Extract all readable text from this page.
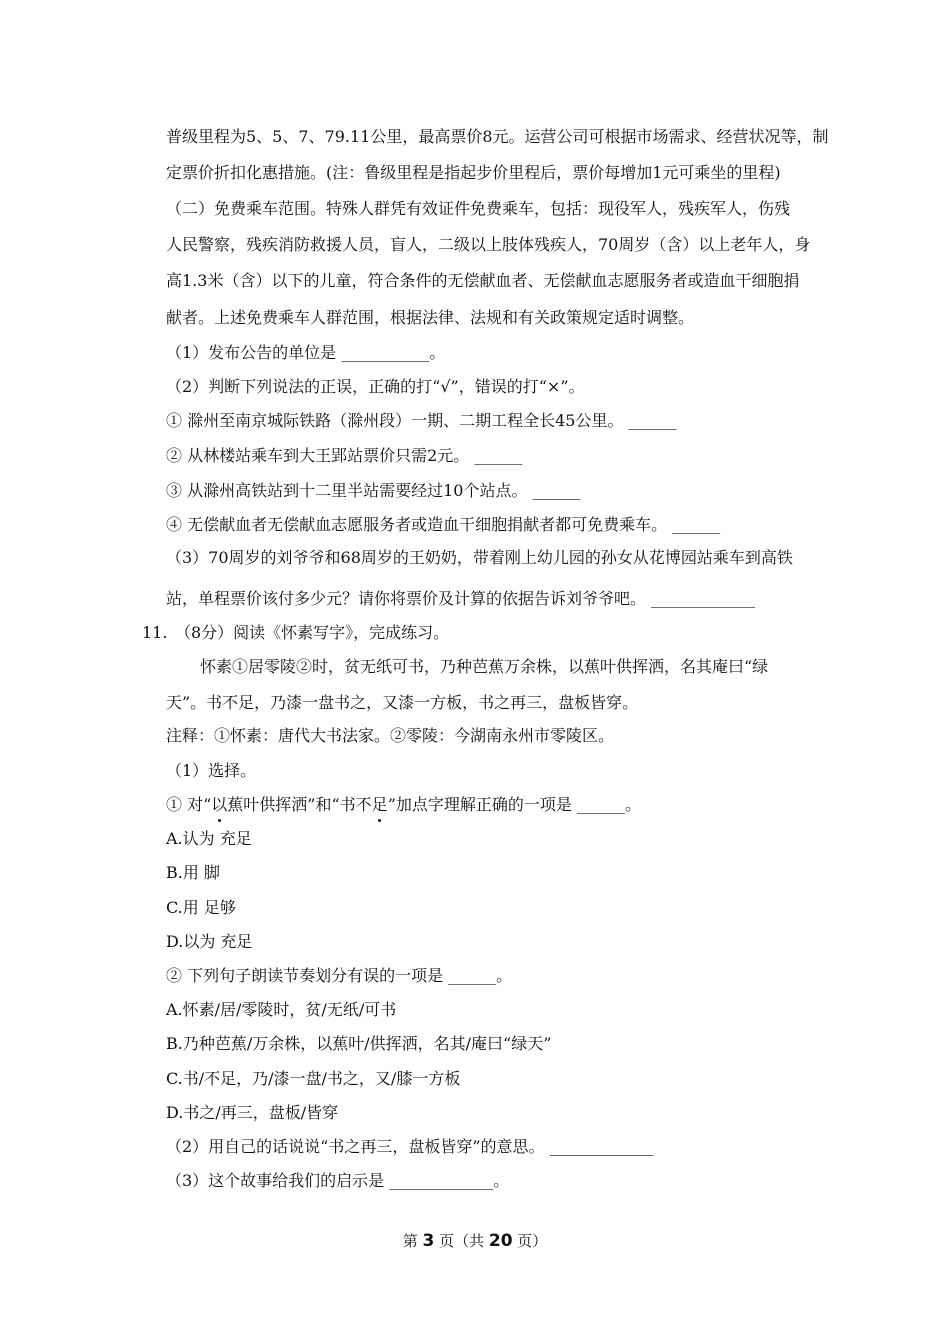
普级里程为5、5、7、79.11公里，最高票价8元。运营公司可根据市场需求、经营状况等，制
定票价折扣化惠措施。(注：鲁级里程是指起步价里程后，票价每增加1元可乘坐的里程)
（二）免费乘车范围。特殊人群凭有效证件免费乘车，包括：现役军人，残疾军人，伤残
人民警察，残疾消防救援人员，盲人，二级以上肢体残疾人，70周岁（含）以上老年人，身
高1.3米（含）以下的儿童，符合条件的无偿献血者、无偿献血志愿服务者或造血干细胞捐
献者。上述免费乘车人群范围，根据法律、法规和有关政策规定适时调整。
（1）发布公告的单位是 ___________。
（2）判断下列说法的正误，正确的打“√”，错误的打“×”。
① 滁州至南京城际铁路（滁州段）一期、二期工程全长45公里。 ______
② 从林楼站乘车到大王郢站票价只需2元。 ______
③ 从滁州高铁站到十二里半站需要经过10个站点。 ______
④ 无偿献血者无偿献血志愿服务者或造血干细胞捐献者都可免费乘车。 ______
（3）70周岁的刘爷爷和68周岁的王奶奶，带着刚上幼儿园的孙女从花博园站乘车到高铁
站，单程票价该付多少元？请你将票价及计算的依据告诉刘爷爷吧。 _____________
11. （8分）阅读《怀素写字》，完成练习。
怀素①居零陵②时，贫无纸可书，乃种芭蕉万余株，以蕉叶供挥洒，名其庵曰“绿
天”。书不足，乃漆一盘书之，又漆一方板，书之再三，盘板皆穿。
注释：①怀素：唐代大书法家。②零陵：今湖南永州市零陵区。
（1）选择。
① 对“以蕉叶供挥洒”和“书不足”加点字理解正确的一项是 ______。
A.认为 充足
B.用 脚
C.用 足够
D.以为 充足
② 下列句子朗读节奏划分有误的一项是 ______。
A.怀素/居/零陵时，贫/无纸/可书
B.乃种芭蕉/万余株，以蕉叶/供挥洒，名其/庵曰“绿天”
C.书/不足，乃/漆一盘/书之，又/膝一方板
D.书之/再三，盘板/皆穿
（2）用自己的话说说“书之再三，盘板皆穿”的意思。 _____________
（3）这个故事给我们的启示是 _____________。
第 3 页（共 20 页）
